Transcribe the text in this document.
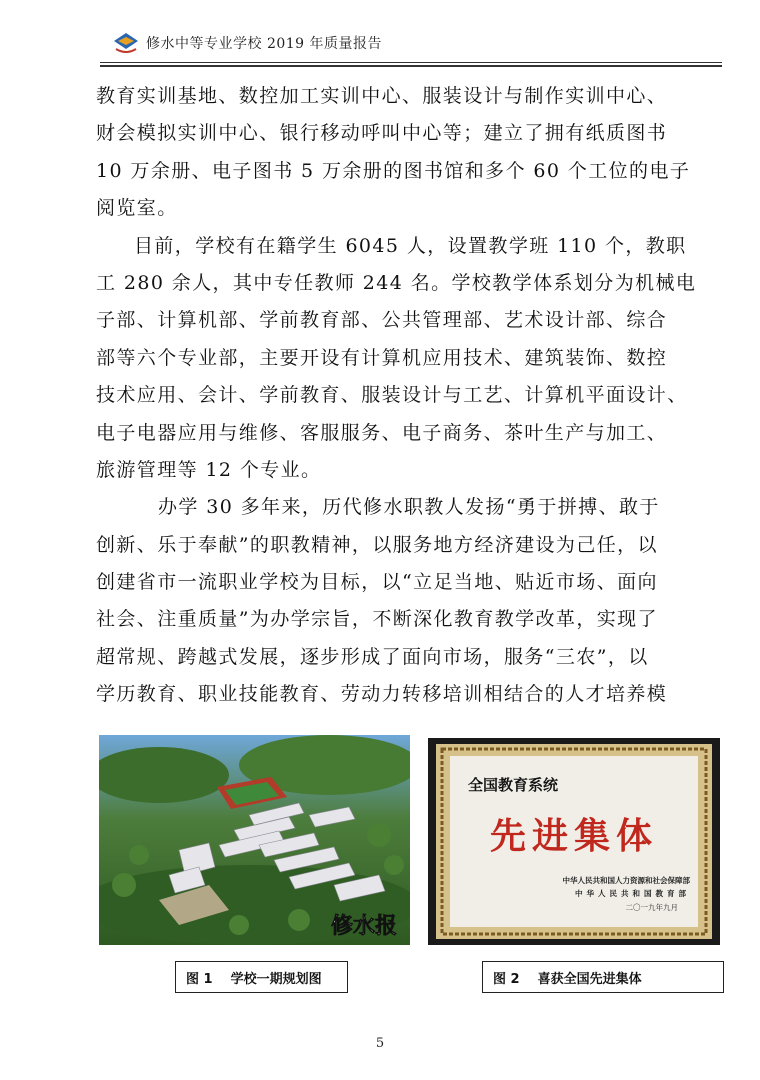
修水中等专业学校 2019 年质量报告
教育实训基地、数控加工实训中心、服装设计与制作实训中心、
财会模拟实训中心、银行移动呼叫中心等；建立了拥有纸质图书
10 万余册、电子图书 5 万余册的图书馆和多个 60 个工位的电子
阅览室。
目前，学校有在籍学生 6045 人，设置教学班 110 个，教职
工 280 余人，其中专任教师 244 名。学校教学体系划分为机械电
子部、计算机部、学前教育部、公共管理部、艺术设计部、综合
部等六个专业部，主要开设有计算机应用技术、建筑装饰、数控
技术应用、会计、学前教育、服装设计与工艺、计算机平面设计、
电子电器应用与维修、客服服务、电子商务、茶叶生产与加工、
旅游管理等 12 个专业。
办学 30 多年来，历代修水职教人发扬“勇于拼搏、敢于
创新、乐于奉献”的职教精神，以服务地方经济建设为己任，以
创建省市一流职业学校为目标，以“立足当地、贴近市场、面向
社会、注重质量”为办学宗旨，不断深化教育教学改革，实现了
超常规、跨越式发展，逐步形成了面向市场，服务“三农”，以
学历教育、职业技能教育、劳动力转移培训相结合的人才培养模
修水报
全国教育系统
先进集体
中华人民共和国人力资源和社会保障部
中华人民共和国教育部
二〇一九年九月
图 1 学校一期规划图	图 2 喜获全国先进集体
5
